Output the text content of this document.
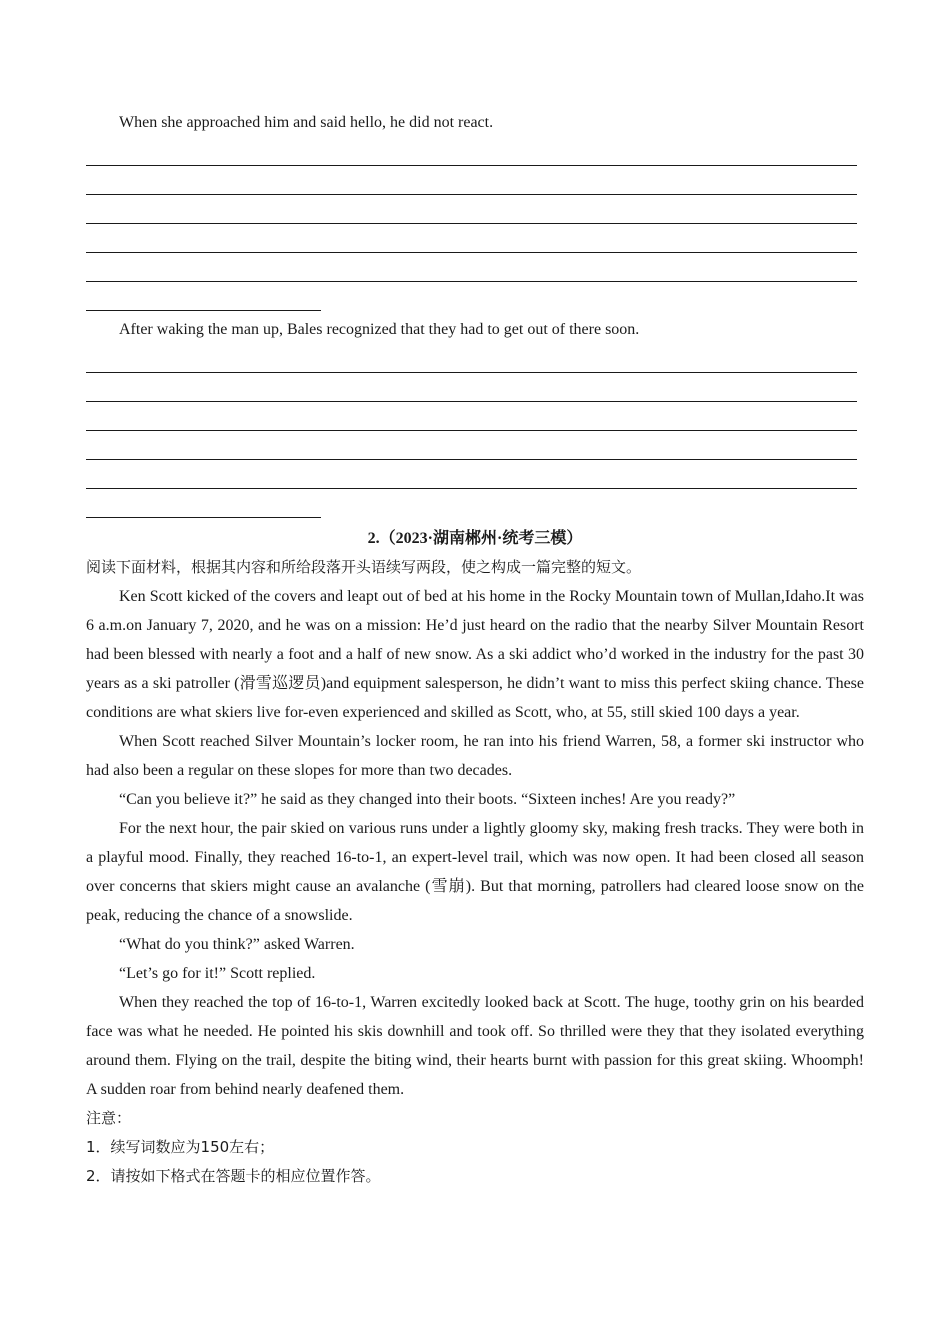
When she approached him and said hello, he did not react.

After waking the man up, Bales recognized that they had to get out of there soon.

2.（2023·湖南郴州·统考三模）

阅读下面材料，根据其内容和所给段落开头语续写两段，使之构成一篇完整的短文。

Ken Scott kicked of the covers and leapt out of bed at his home in the Rocky Mountain town of Mullan,Idaho.It was 6 a.m.on January 7, 2020, and he was on a mission: He’d just heard on the radio that the nearby Silver Mountain Resort had been blessed with nearly a foot and a half of new snow. As a ski addict who’d worked in the industry for the past 30 years as a ski patroller (滑雪巡逻员)and equipment salesperson, he didn’t want to miss this perfect skiing chance. These conditions are what skiers live for-even experienced and skilled as Scott, who, at 55, still skied 100 days a year.

When Scott reached Silver Mountain’s locker room, he ran into his friend Warren, 58, a former ski instructor who had also been a regular on these slopes for more than two decades.

“Can you believe it?” he said as they changed into their boots. “Sixteen inches! Are you ready?”

For the next hour, the pair skied on various runs under a lightly gloomy sky, making fresh tracks. They were both in a playful mood. Finally, they reached 16-to-1, an expert-level trail, which was now open. It had been closed all season over concerns that skiers might cause an avalanche (雪崩). But that morning, patrollers had cleared loose snow on the peak, reducing the chance of a snowslide.

“What do you think?” asked Warren.

“Let’s go for it!” Scott replied.

When they reached the top of 16-to-1, Warren excitedly looked back at Scott. The huge, toothy grin on his bearded face was what he needed. He pointed his skis downhill and took off. So thrilled were they that they isolated everything around them. Flying on the trail, despite the biting wind, their hearts burnt with passion for this great skiing. Whoomph! A sudden roar from behind nearly deafened them.

注意：

1．续写词数应为150左右；

2．请按如下格式在答题卡的相应位置作答。
